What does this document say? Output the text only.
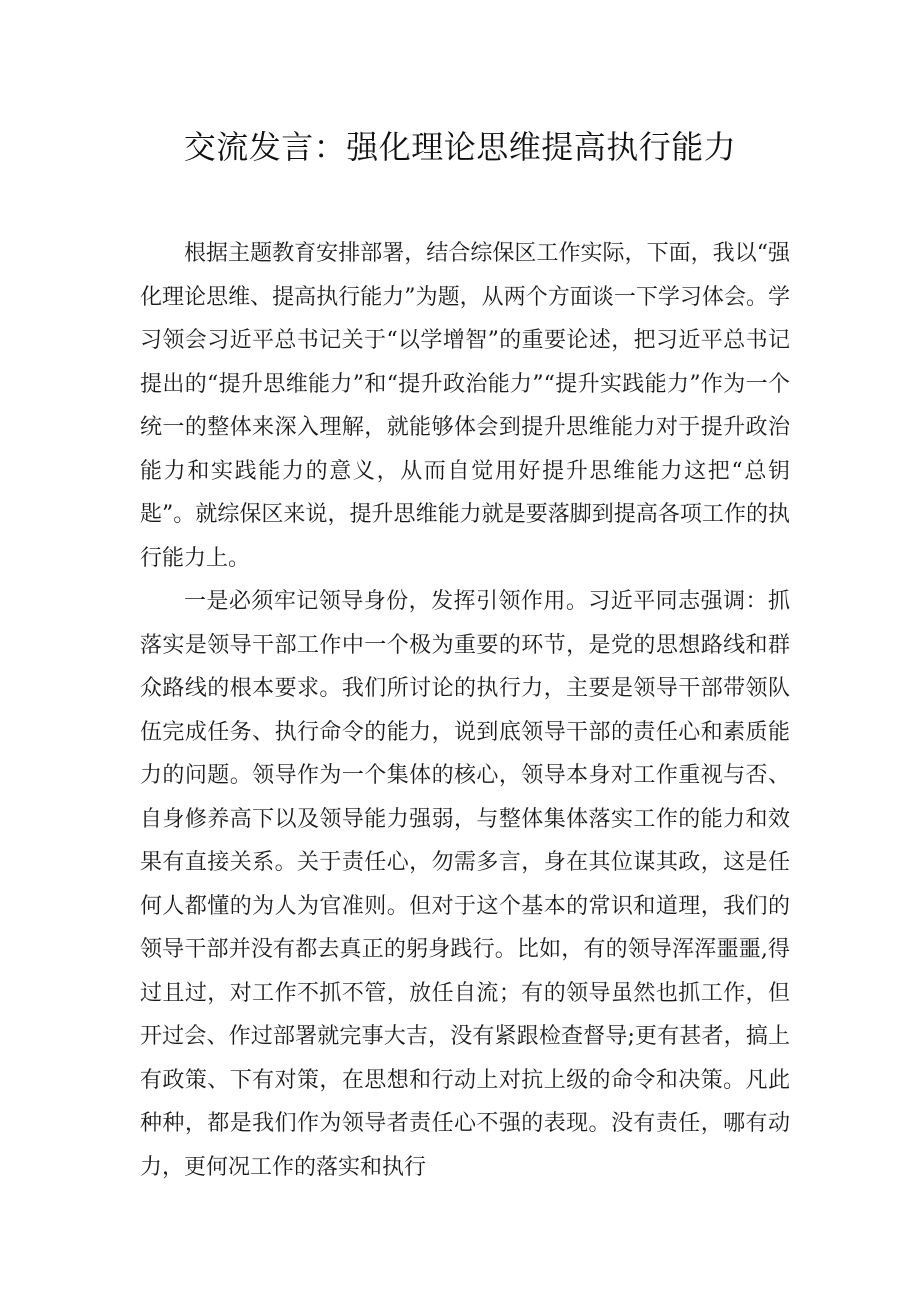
交流发言：强化理论思维提高执行能力

根据主题教育安排部署，结合综保区工作实际，下面，我以“强化理论思维、提高执行能力”为题，从两个方面谈一下学习体会。学习领会习近平总书记关于“以学增智”的重要论述，把习近平总书记提出的“提升思维能力”和“提升政治能力”“提升实践能力”作为一个统一的整体来深入理解，就能够体会到提升思维能力对于提升政治能力和实践能力的意义，从而自觉用好提升思维能力这把“总钥匙”。就综保区来说，提升思维能力就是要落脚到提高各项工作的执行能力上。

一是必须牢记领导身份，发挥引领作用。习近平同志强调：抓落实是领导干部工作中一个极为重要的环节，是党的思想路线和群众路线的根本要求。我们所讨论的执行力，主要是领导干部带领队伍完成任务、执行命令的能力，说到底领导干部的责任心和素质能力的问题。领导作为一个集体的核心，领导本身对工作重视与否、自身修养高下以及领导能力强弱，与整体集体落实工作的能力和效果有直接关系。关于责任心，勿需多言，身在其位谋其政，这是任何人都懂的为人为官准则。但对于这个基本的常识和道理，我们的领导干部并没有都去真正的躬身践行。比如，有的领导浑浑噩噩,得过且过，对工作不抓不管，放任自流；有的领导虽然也抓工作，但开过会、作过部署就完事大吉，没有紧跟检查督导;更有甚者，搞上有政策、下有对策，在思想和行动上对抗上级的命令和决策。凡此种种，都是我们作为领导者责任心不强的表现。没有责任，哪有动力，更何况工作的落实和执行
